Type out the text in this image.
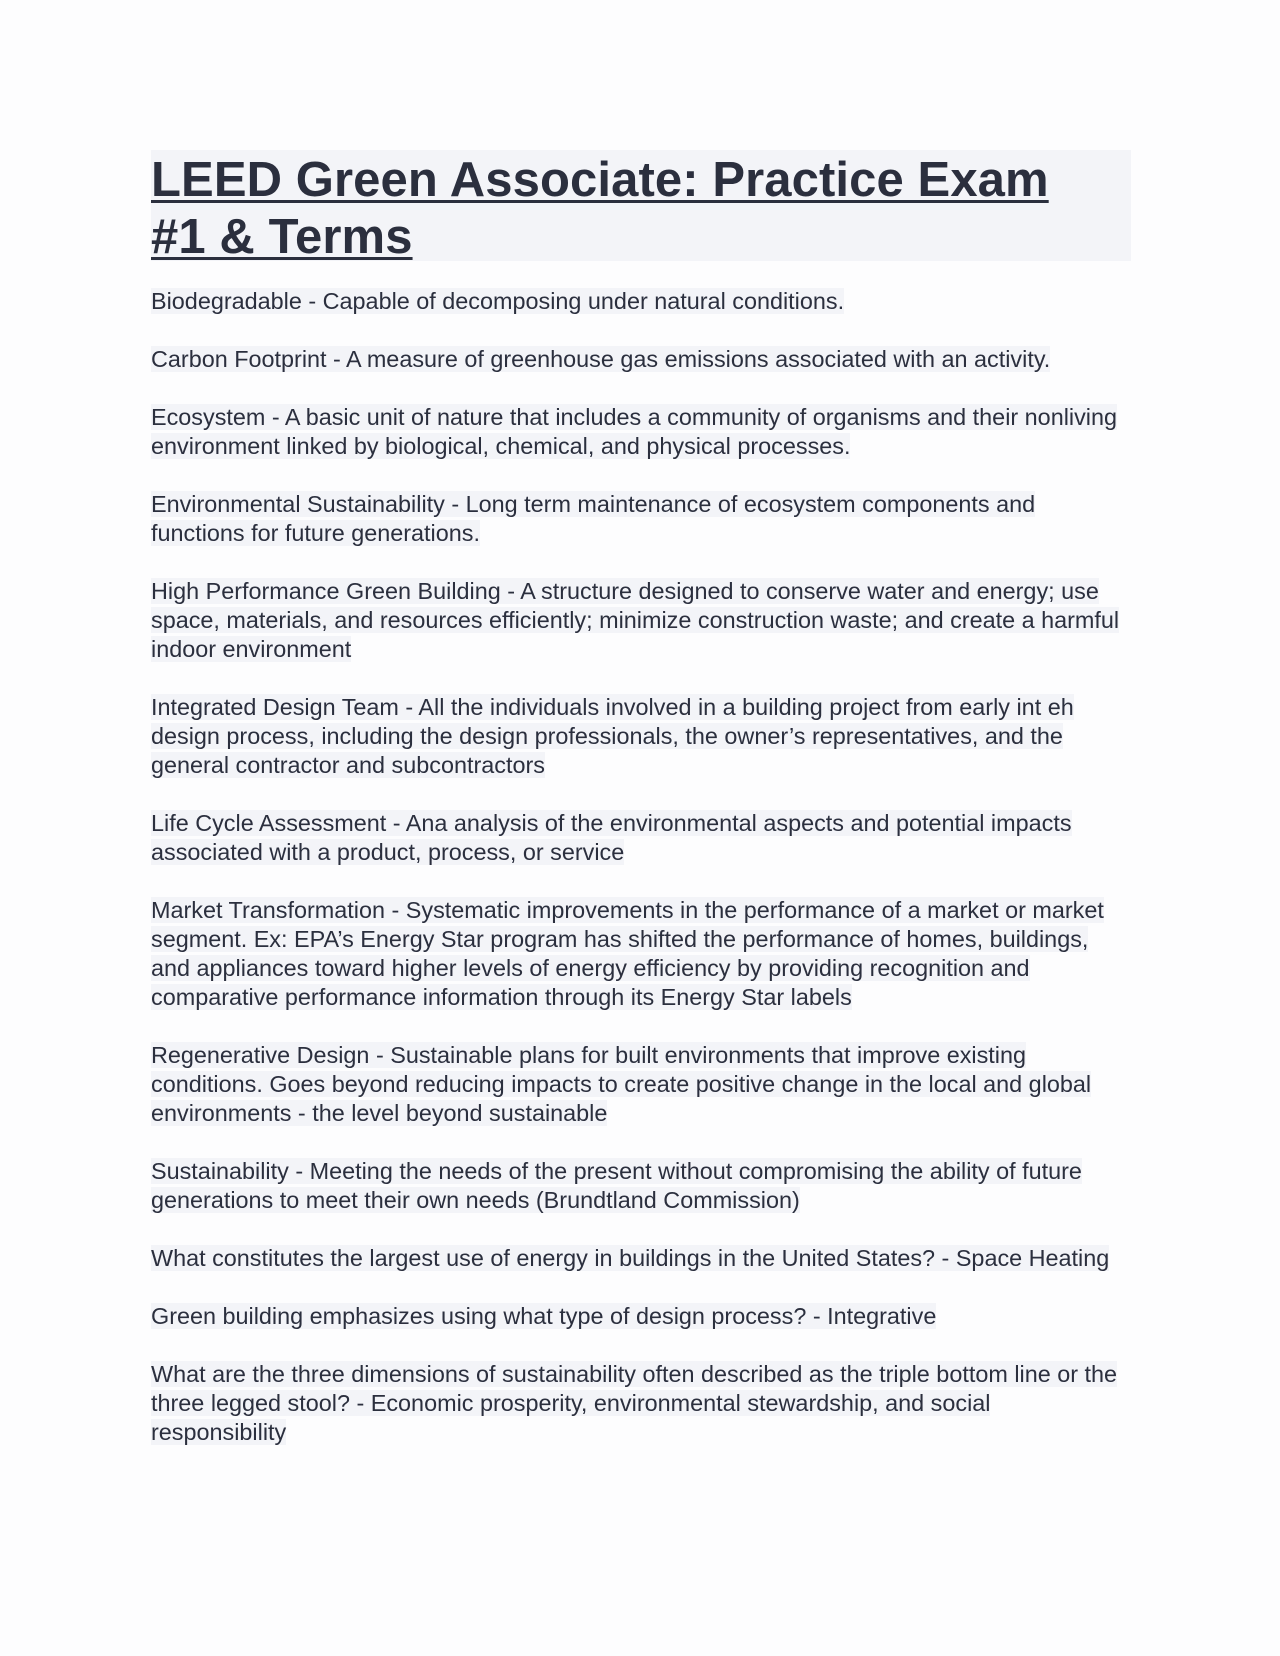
LEED Green Associate: Practice Exam
#1 & Terms
Biodegradable - Capable of decomposing under natural conditions.
Carbon Footprint - A measure of greenhouse gas emissions associated with an activity.
Ecosystem - A basic unit of nature that includes a community of organisms and their nonliving environment linked by biological, chemical, and physical processes.
Environmental Sustainability - Long term maintenance of ecosystem components and functions for future generations.
High Performance Green Building - A structure designed to conserve water and energy; use space, materials, and resources efficiently; minimize construction waste; and create a harmful indoor environment
Integrated Design Team - All the individuals involved in a building project from early int eh design process, including the design professionals, the owner’s representatives, and the general contractor and subcontractors
Life Cycle Assessment - Ana analysis of the environmental aspects and potential impacts associated with a product, process, or service
Market Transformation - Systematic improvements in the performance of a market or market segment. Ex: EPA’s Energy Star program has shifted the performance of homes, buildings, and appliances toward higher levels of energy efficiency by providing recognition and comparative performance information through its Energy Star labels
Regenerative Design - Sustainable plans for built environments that improve existing conditions. Goes beyond reducing impacts to create positive change in the local and global environments - the level beyond sustainable
Sustainability - Meeting the needs of the present without compromising the ability of future generations to meet their own needs (Brundtland Commission)
What constitutes the largest use of energy in buildings in the United States? - Space Heating
Green building emphasizes using what type of design process? - Integrative
What are the three dimensions of sustainability often described as the triple bottom line or the three legged stool? - Economic prosperity, environmental stewardship, and social responsibility
